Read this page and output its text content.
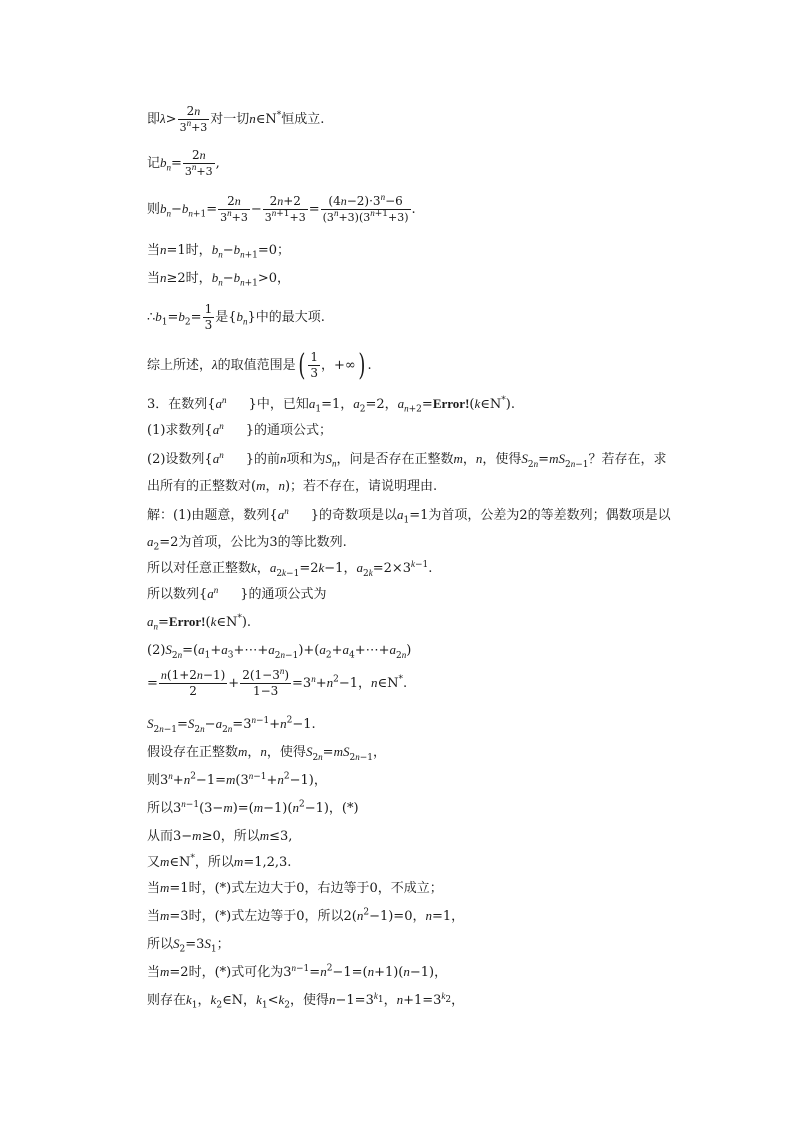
即$\lambda> \frac{2n}{3^n+3}$ 对一切n∈N*恒成立.
记$b_n= \frac{2n}{3^n+3}$ ,
则$b_n-b_{n+1}= \frac{2n}{3^n+3} - \frac{2n+2}{3^{n+1}+3} = \frac{(4n-2)\cdot 3^n-6}{(3^n+3)(3^{n+1}+3)}$ .
当n=1时，$b_n-b_{n+1}=0$；
当n≥2时，$b_n-b_{n+1}>0$，
$\therefore b_1=b_2= \frac{1}{3}$ 是$\{b_n\}$中的最大项.
综上所述，λ的取值范围是( $\frac{1}{3}$ ，+∞) .
3．在数列{$a^n$ }中，已知$a_1=1$，$a_2=2$，$a_{n+2}=Error!(k\in N^*)$.
(1)求数列{$a^n$ }的通项公式；
(2)设数列{$a^n$ }的前n项和为$S_n$，问是否存在正整数m，n，使得$S_{2n}=mS_{2n-1}$？若存在，求出所有的正整数对(m，n)；若不存在，请说明理由.
解：(1)由题意，数列{$a^n$ }的奇数项是以$a_1=1$为首项，公差为2的等差数列；偶数项是以$a_2=2$为首项，公比为3的等比数列.
所以对任意正整数k，$a_{2k-1}=2k-1$，$a_{2k}=2\times 3^{k-1}$.
所以数列{$a^n$ }的通项公式为
$a_n=Error!(k\in N^*)$.
$(2)S_{2n}=(a_1+a_3+\cdots+a_{2n-1})+(a_2+a_4+\cdots+a_{2n})$
= $\frac{n(1+2n-1)}{2} + \frac{2(1-3^n)}{1-3} =3^n+n^2-1$，n∈N*.
$S_{2n-1}=S_{2n}-a_{2n}=3^{n-1}+n^2-1$.
假设存在正整数m，n，使得$S_{2n}=mS_{2n-1}$，
则$3^n+n^2-1=m(3^{n-1}+n^2-1)$，
所以$3^{n-1}(3-m)=(m-1)(n^2-1)$，(*)
从而3−m≥0，所以m≤3,
又m∈N*，所以m=1,2,3.
当m=1时，(*)式左边大于0，右边等于0，不成立；
当m=3时，(*)式左边等于0，所以$2(n^2-1)=0$，n=1，
所以$S_2=3S_1$；
当m=2时，(*)式可化为$3^{n-1}=n^2-1=(n+1)(n-1)$，
则存在$k_1$，$k_2\in N$，$k_1<k_2$，使得$n-1=3^{k_1}$，$n+1=3^{k_2}$，
